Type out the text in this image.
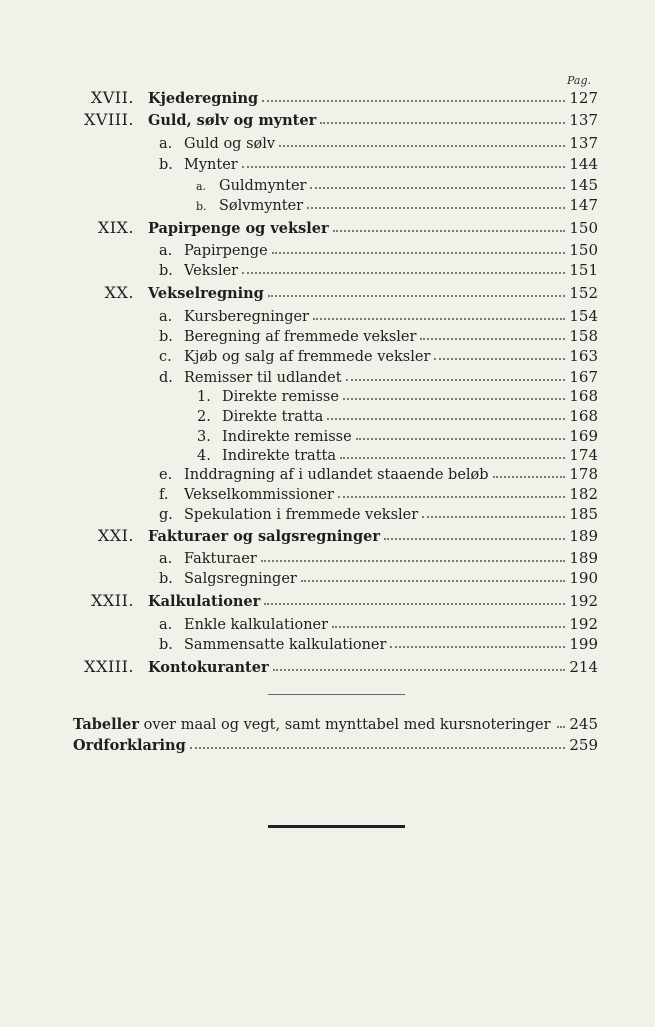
Pag.
XVII. Kjederegning	127
XVIII. Guld, sølv og mynter	137
a. Guld og sølv	137
b. Mynter	144
a. Guldmynter	145
b. Sølvmynter	147
XIX. Papirpenge og veksler	150
a. Papirpenge	150
b. Veksler	151
XX. Vekselregning	152
a. Kursberegninger	154
b. Beregning af fremmede veksler	158
c. Kjøb og salg af fremmede veksler	163
d. Remisser til udlandet	167
1. Direkte remisse	168
2. Direkte tratta	168
3. Indirekte remisse	169
4. Indirekte tratta	174
e. Inddragning af i udlandet staaende beløb	178
f.	Vekselkommissioner	182
g. Spekulation i fremmede veksler	185
XXI. Fakturaer og salgsregninger	189
a. Fakturaer	189
b. Salgsregninger	190
XXII. Kalkulationer	192
a. Enkle kalkulationer	192
b. Sammensatte kalkulationer	199
XXIII. Kontokuranter	214
Tabeller over maal og vegt, samt mynttabel med kursnoteringer 245
Ordforklaring	259
